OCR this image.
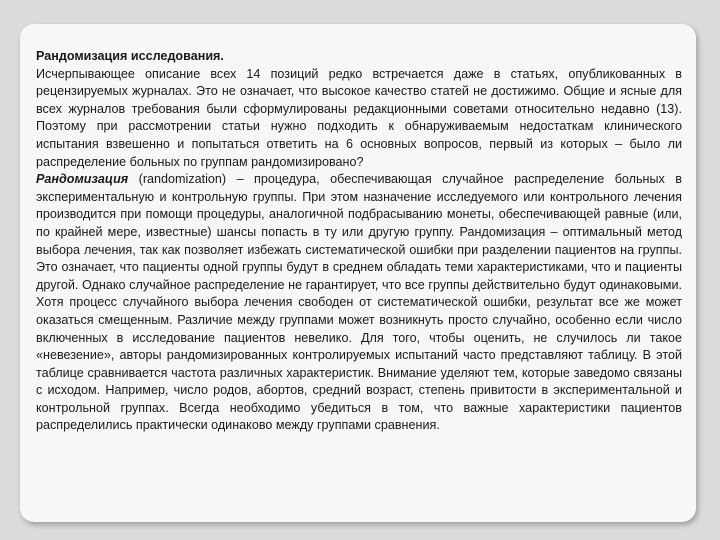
Рандомизация исследования.

Исчерпывающее описание всех 14 позиций редко встречается даже в статьях, опубликованных в рецензируемых журналах. Это не означает, что высокое качество статей не достижимо. Общие и ясные для всех журналов требования были сформулированы редакционными советами относительно недавно (13). Поэтому при рассмотрении статьи нужно подходить к обнаруживаемым недостаткам клинического испытания взвешенно и попытаться ответить на 6 основных вопросов, первый из которых – было ли распределение больных по группам рандомизировано?

Рандомизация (randomization) – процедура, обеспечивающая случайное распределение больных в экспериментальную и контрольную группы. При этом назначение исследуемого или контрольного лечения производится при помощи процедуры, аналогичной подбрасыванию монеты, обеспечивающей равные (или, по крайней мере, известные) шансы попасть в ту или другую группу. Рандомизация – оптимальный метод выбора лечения, так как позволяет избежать систематической ошибки при разделении пациентов на группы. Это означает, что пациенты одной группы будут в среднем обладать теми характеристиками, что и пациенты другой. Однако случайное распределение не гарантирует, что все группы действительно будут одинаковыми. Хотя процесс случайного выбора лечения свободен от систематической ошибки, результат все же может оказаться смещенным. Различие между группами может возникнуть просто случайно, особенно если число включенных в исследование пациентов невелико. Для того, чтобы оценить, не случилось ли такое «невезение», авторы рандомизированных контролируемых испытаний часто представляют таблицу. В этой таблице сравнивается частота различных характеристик. Внимание уделяют тем, которые заведомо связаны с исходом. Например, число родов, абортов, средний возраст, степень привитости в экспериментальной и контрольной группах. Всегда необходимо убедиться в том, что важные характеристики пациентов распределились практически одинаково между группами сравнения.
